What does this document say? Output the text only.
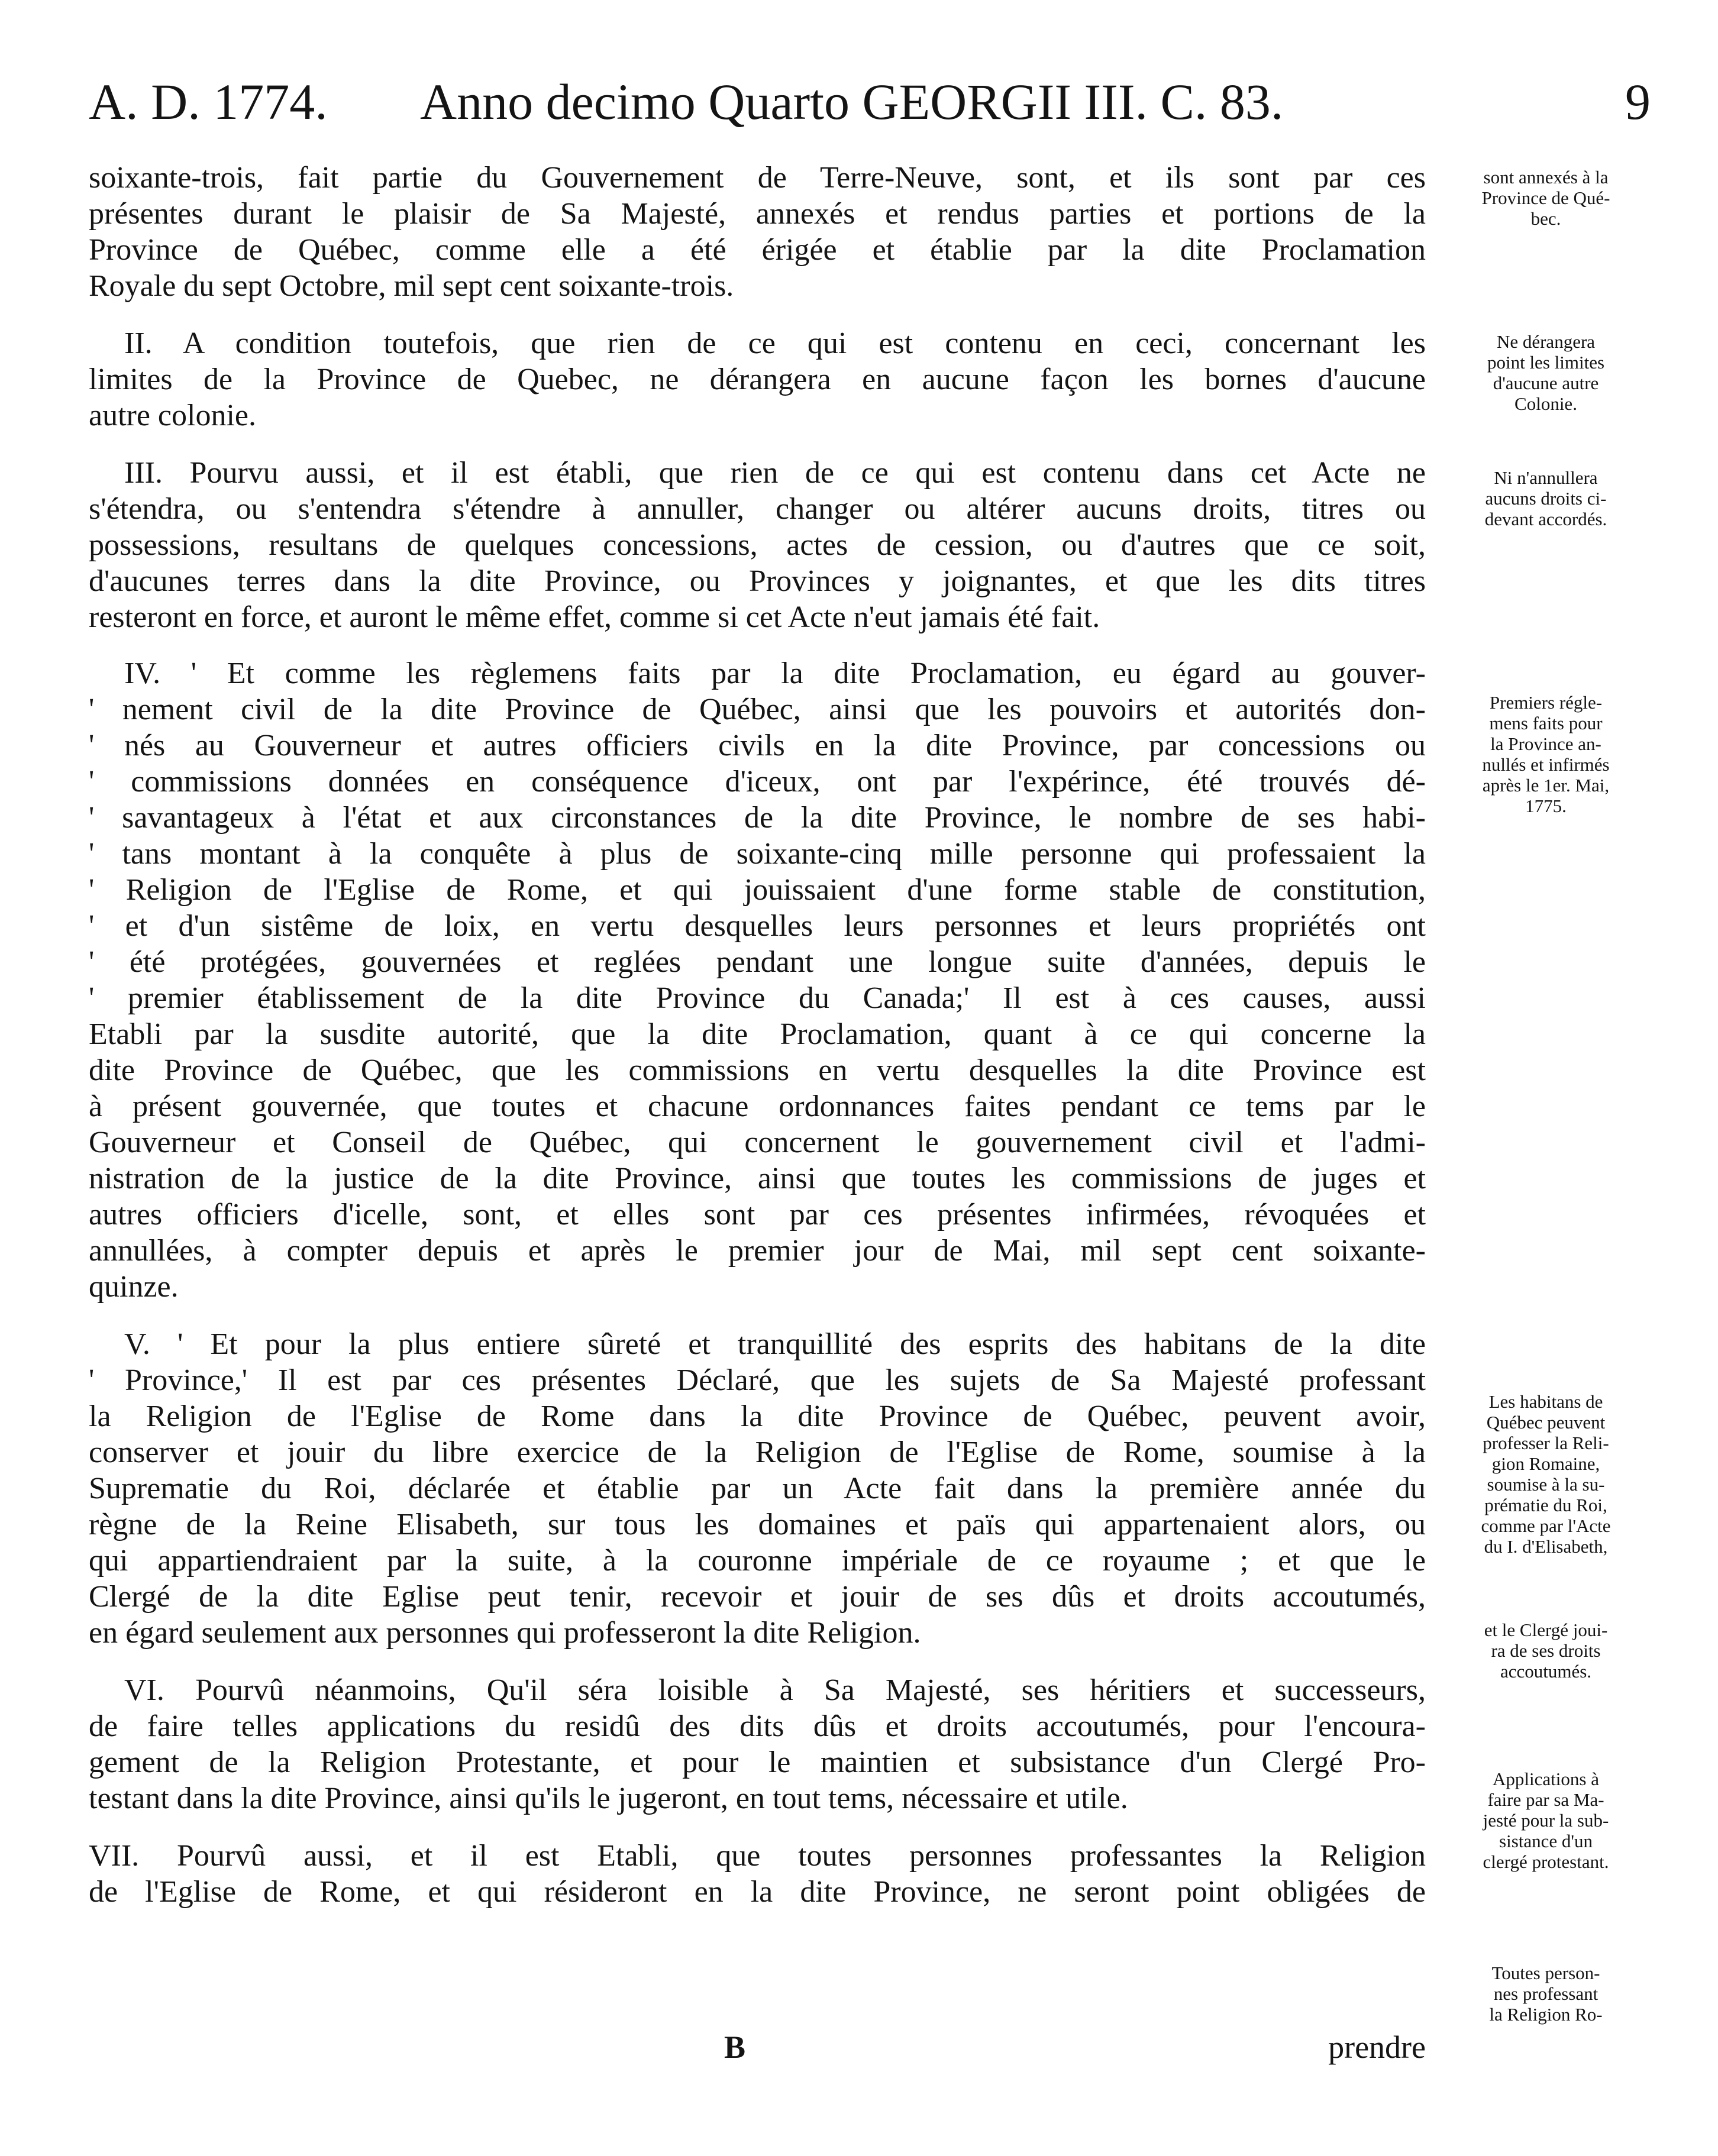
A. D. 1774. Anno decimo Quarto GEORGII III. C. 83.	9
soixante-trois, fait partie du Gouvernement de Terre-Neuve, sont, et ils sont par ces
présentes durant le plaisir de Sa Majesté, annexés et rendus parties et portions de la
Province de Québec, comme elle a été érigée et établie par la dite Proclamation
Royale du sept Octobre, mil sept cent soixante-trois.
II. A condition toutefois, que rien de ce qui est contenu en ceci, concernant les
limites de la Province de Quebec, ne dérangera en aucune façon les bornes d'aucune
autre colonie.
III. Pourvu aussi, et il est établi, que rien de ce qui est contenu dans cet Acte ne
s'étendra, ou s'entendra s'étendre à annuller, changer ou altérer aucuns droits, titres ou
possessions, resultans de quelques concessions, actes de cession, ou d'autres que ce soit,
d'aucunes terres dans la dite Province, ou Provinces y joignantes, et que les dits titres
resteront en force, et auront le même effet, comme si cet Acte n'eut jamais été fait.
IV. ' Et comme les règlemens faits par la dite Proclamation, eu égard au gouver-
' nement civil de la dite Province de Québec, ainsi que les pouvoirs et autorités don-
' nés au Gouverneur et autres officiers civils en la dite Province, par concessions ou
' commissions données en conséquence d'iceux, ont par l'expérince, été trouvés dé-
' savantageux à l'état et aux circonstances de la dite Province, le nombre de ses habi-
' tans montant à la conquête à plus de soixante-cinq mille personne qui professaient la
' Religion de l'Eglise de Rome, et qui jouissaient d'une forme stable de constitution,
' et d'un sistême de loix, en vertu desquelles leurs personnes et leurs propriétés ont
' été protégées, gouvernées et reglées pendant une longue suite d'années, depuis le
' premier établissement de la dite Province du Canada;' Il est à ces causes, aussi
Etabli par la susdite autorité, que la dite Proclamation, quant à ce qui concerne la
dite Province de Québec, que les commissions en vertu desquelles la dite Province est
à présent gouvernée, que toutes et chacune ordonnances faites pendant ce tems par le
Gouverneur et Conseil de Québec, qui concernent le gouvernement civil et l'admi-
nistration de la justice de la dite Province, ainsi que toutes les commissions de juges et
autres officiers d'icelle, sont, et elles sont par ces présentes infirmées, révoquées et
annullées, à compter depuis et après le premier jour de Mai, mil sept cent soixante-
quinze.
V. ' Et pour la plus entiere sûreté et tranquillité des esprits des habitans de la dite
' Province,' Il est par ces présentes Déclaré, que les sujets de Sa Majesté professant
la Religion de l'Eglise de Rome dans la dite Province de Québec, peuvent avoir,
conserver et jouir du libre exercice de la Religion de l'Eglise de Rome, soumise à la
Suprematie du Roi, déclarée et établie par un Acte fait dans la première année du
règne de la Reine Elisabeth, sur tous les domaines et païs qui appartenaient alors, ou
qui appartiendraient par la suite, à la couronne impériale de ce royaume ; et que le
Clergé de la dite Eglise peut tenir, recevoir et jouir de ses dûs et droits accoutumés,
en égard seulement aux personnes qui professeront la dite Religion.
VI. Pourvû néanmoins, Qu'il séra loisible à Sa Majesté, ses héritiers et successeurs,
de faire telles applications du residû des dits dûs et droits accoutumés, pour l'encoura-
gement de la Religion Protestante, et pour le maintien et subsistance d'un Clergé Pro-
testant dans la dite Province, ainsi qu'ils le jugeront, en tout tems, nécessaire et utile.
VII. Pourvû aussi, et il est Etabli, que toutes personnes professantes la Religion
de l'Eglise de Rome, et qui résideront en la dite Province, ne seront point obligées de
sont annexés à la
Province de Qué-
bec.
Ne dérangera
point les limites
d'aucune autre
Colonie.
Ni n'annullera
aucuns droits ci-
devant accordés.
Premiers régle-
mens faits pour
la Province an-
nullés et infirmés
après le 1er. Mai,
1775.
Les habitans de
Québec peuvent
professer la Reli-
gion Romaine,
soumise à la su-
prématie du Roi,
comme par l'Acte
du I. d'Elisabeth,
et le Clergé joui-
ra de ses droits
accoutumés.
Applications à
faire par sa Ma-
jesté pour la sub-
sistance d'un
clergé protestant.
Toutes person-
nes professant
la Religion Ro-
B	prendre
